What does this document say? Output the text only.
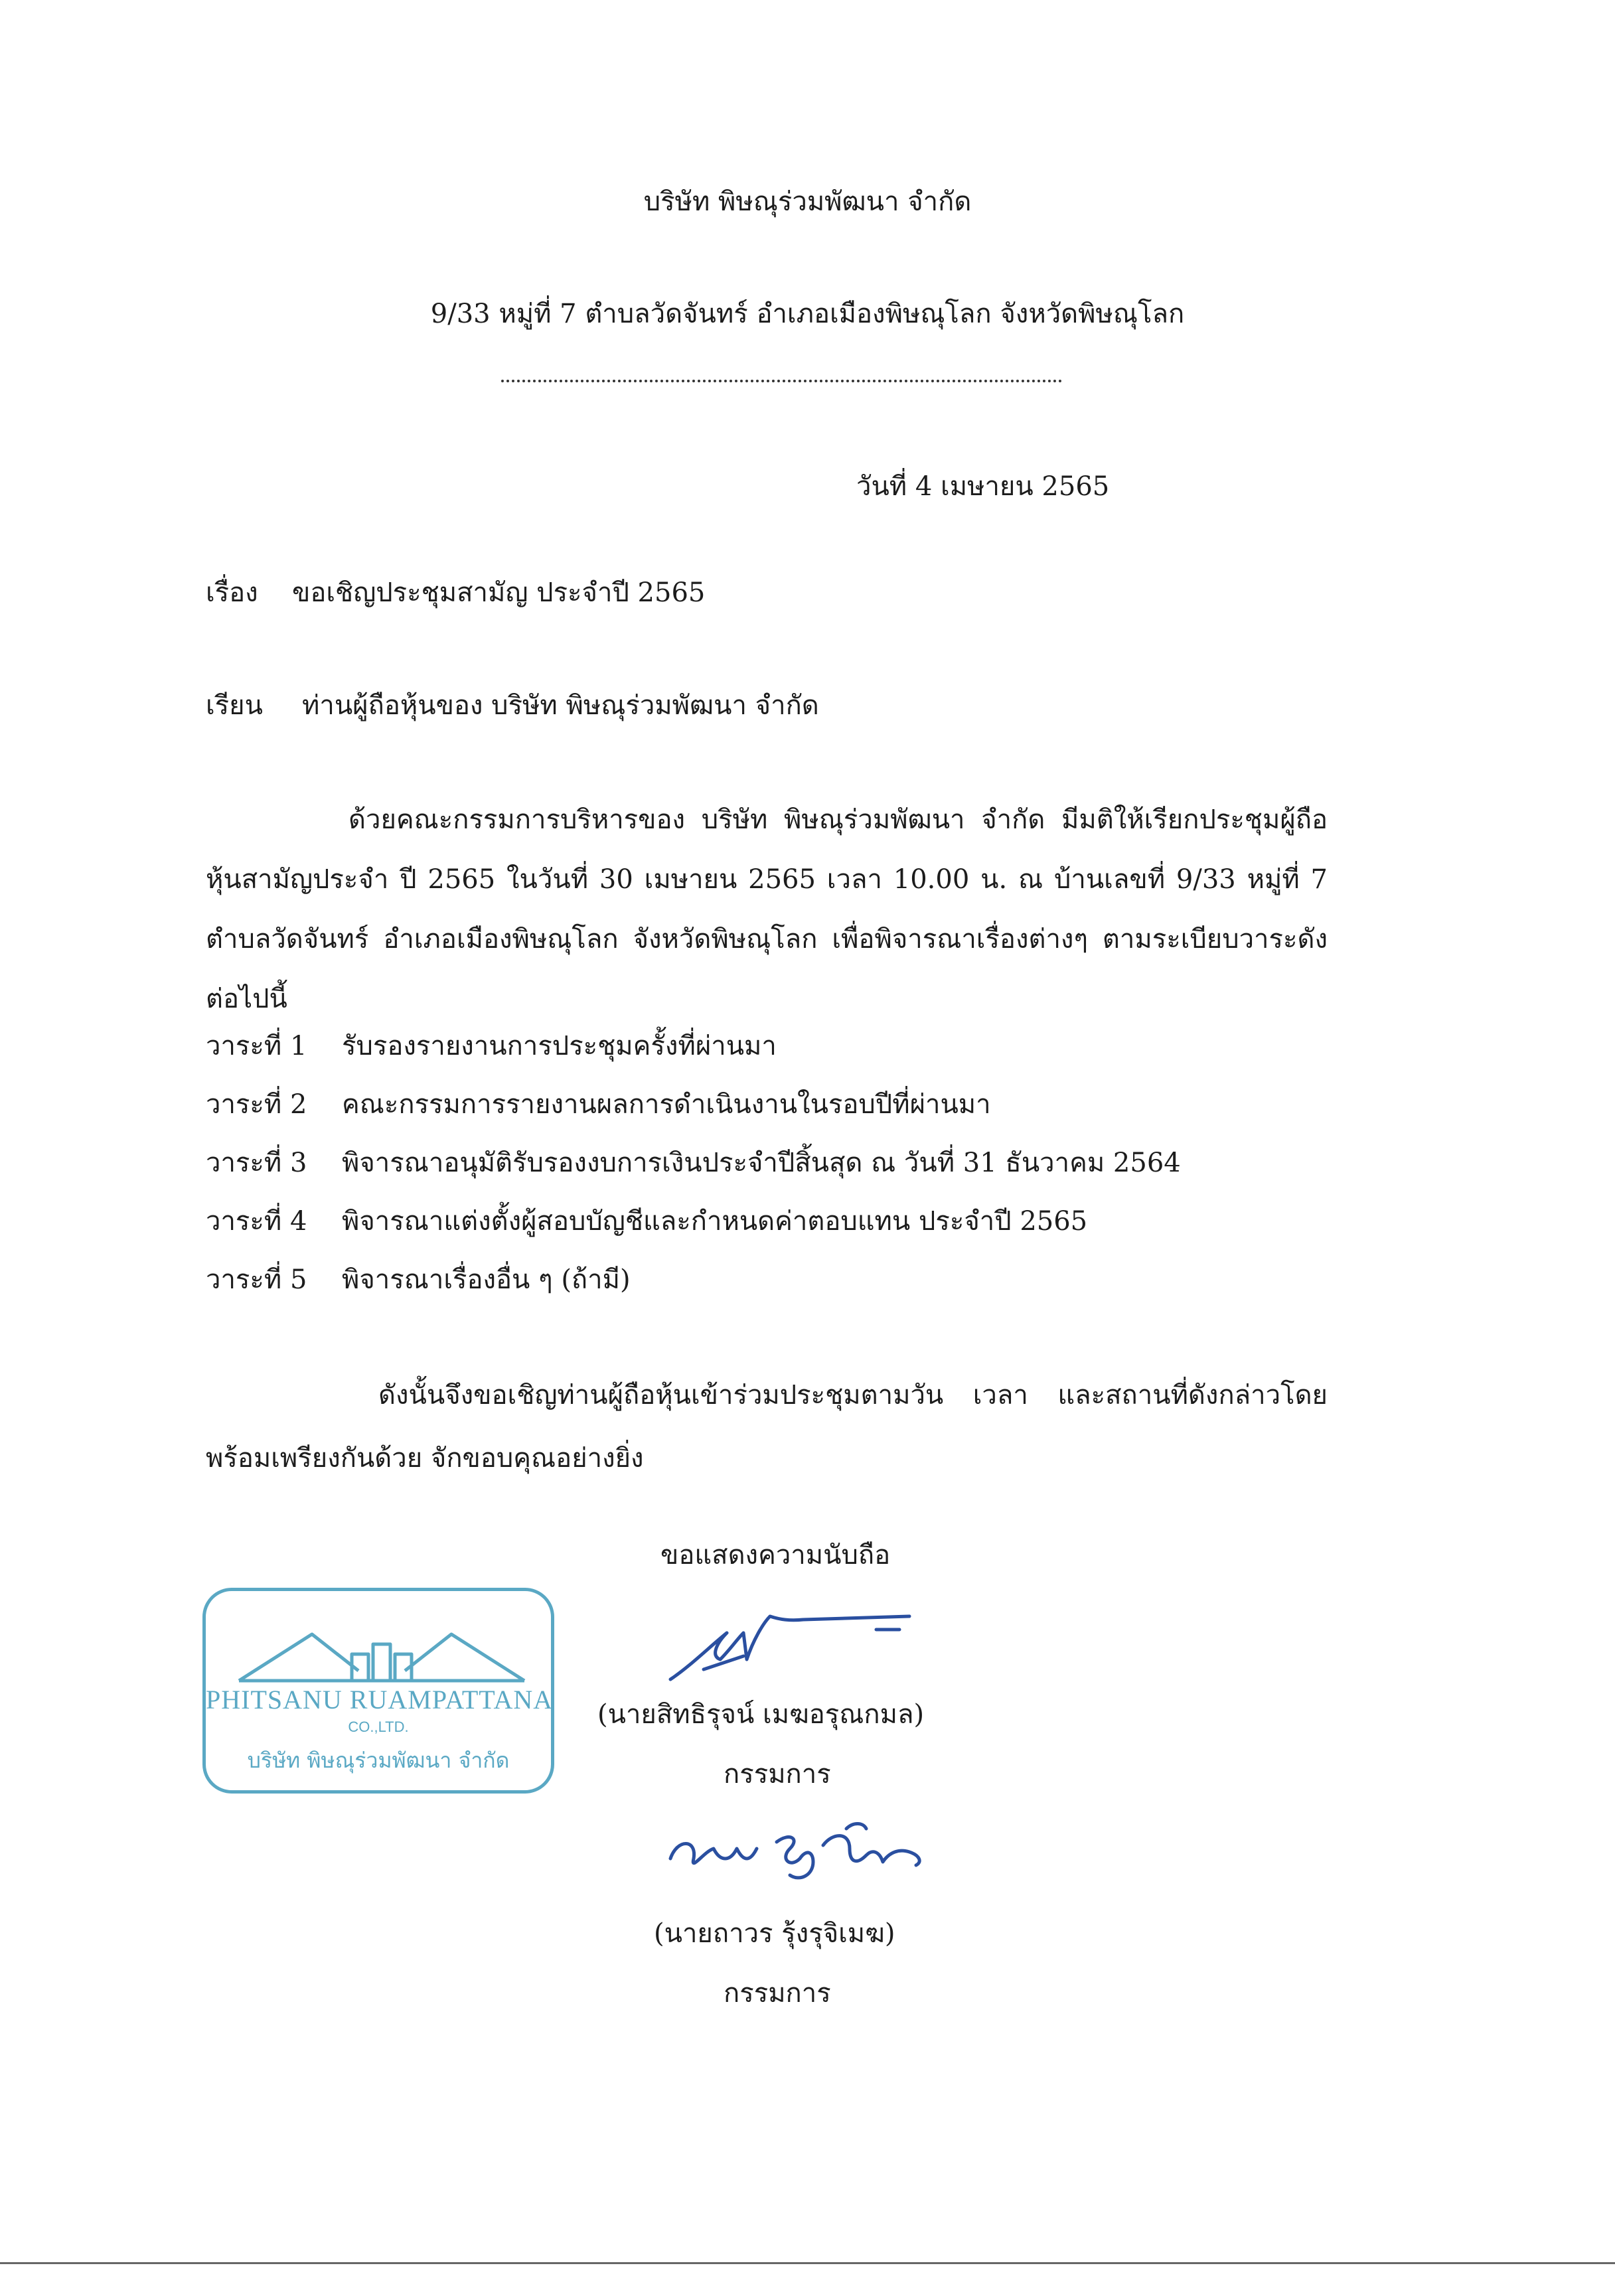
บริษัท พิษณุร่วมพัฒนา จำกัด
9/33 หมู่ที่ 7 ตำบลวัดจันทร์ อำเภอเมืองพิษณุโลก จังหวัดพิษณุโลก
วันที่ 4 เมษายน 2565
เรื่อง ขอเชิญประชุมสามัญ ประจำปี 2565
เรียน ท่านผู้ถือหุ้นของ บริษัท พิษณุร่วมพัฒนา จำกัด
ด้วยคณะกรรมการบริหารของ บริษัท พิษณุร่วมพัฒนา จำกัด มีมติให้เรียกประชุมผู้ถือหุ้นสามัญประจำ ปี 2565 ในวันที่ 30 เมษายน 2565 เวลา 10.00 น. ณ บ้านเลขที่ 9/33 หมู่ที่ 7 ตำบลวัดจันทร์ อำเภอเมืองพิษณุโลก จังหวัดพิษณุโลก เพื่อพิจารณาเรื่องต่างๆ ตามระเบียบวาระดังต่อไปนี้
วาระที่ 1 รับรองรายงานการประชุมครั้งที่ผ่านมา
วาระที่ 2 คณะกรรมการรายงานผลการดำเนินงานในรอบปีที่ผ่านมา
วาระที่ 3 พิจารณาอนุมัติรับรองงบการเงินประจำปีสิ้นสุด ณ วันที่ 31 ธันวาคม 2564
วาระที่ 4 พิจารณาแต่งตั้งผู้สอบบัญชีและกำหนดค่าตอบแทน ประจำปี 2565
วาระที่ 5 พิจารณาเรื่องอื่น ๆ (ถ้ามี)
ดังนั้นจึงขอเชิญท่านผู้ถือหุ้นเข้าร่วมประชุมตามวัน เวลา และสถานที่ดังกล่าวโดยพร้อมเพรียงกันด้วย จักขอบคุณอย่างยิ่ง
ขอแสดงความนับถือ
PHITSANU RUAMPATTANA
CO.,LTD.
บริษัท พิษณุร่วมพัฒนา จำกัด
(นายสิทธิรุจน์ เมฆอรุณกมล)
กรรมการ
(นายถาวร รุ้งรุจิเมฆ)
กรรมการ
